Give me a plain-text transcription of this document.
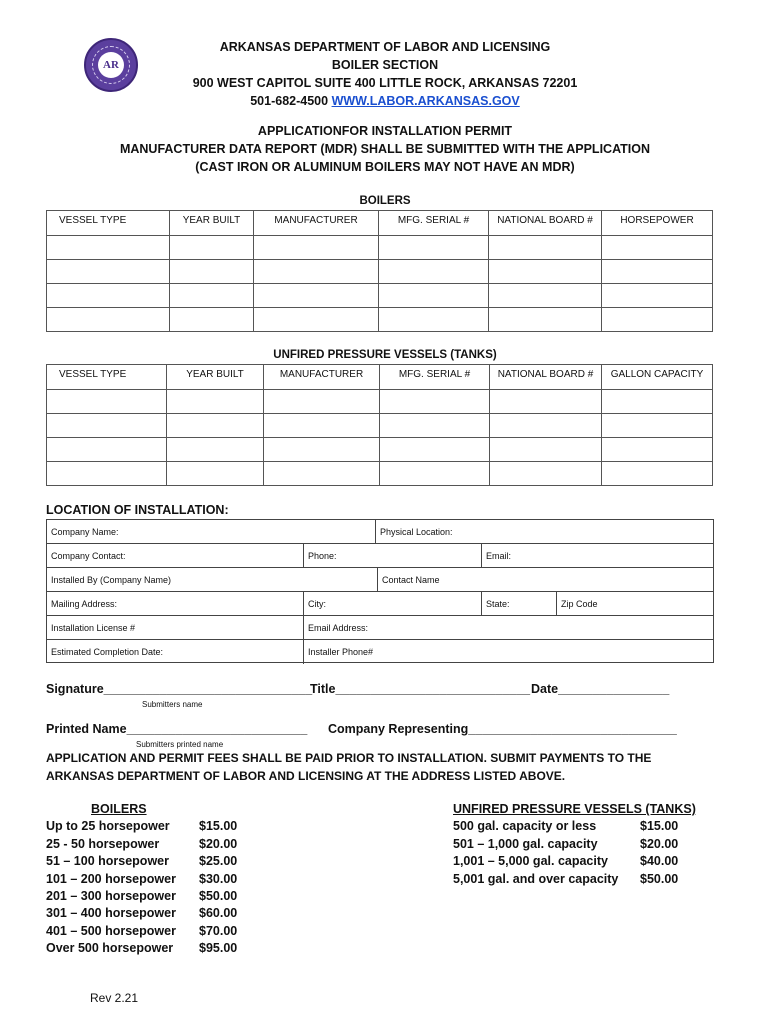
AR
ARKANSAS DEPARTMENT OF LABOR AND LICENSING
BOILER SECTION
900 WEST CAPITOL SUITE 400 LITTLE ROCK, ARKANSAS 72201
501-682-4500 WWW.LABOR.ARKANSAS.GOV
APPLICATIONFOR INSTALLATION PERMIT
MANUFACTURER DATA REPORT (MDR) SHALL BE SUBMITTED WITH THE APPLICATION
(CAST IRON OR ALUMINUM BOILERS MAY NOT HAVE AN MDR)
BOILERS
VESSEL TYPE	YEAR BUILT	MANUFACTURER	MFG. SERIAL #	NATIONAL BOARD #	HORSEPOWER

UNFIRED PRESSURE VESSELS (TANKS)
VESSEL TYPE	YEAR BUILT	MANUFACTURER	MFG. SERIAL #	NATIONAL BOARD #	GALLON CAPACITY

LOCATION OF INSTALLATION:
Company Name:	Physical Location:
Company Contact:	Phone:	Email:
Installed By (Company Name)	Contact Name
Mailing Address:	City:	State:	Zip Code
Installation License #	Email Address:
Estimated Completion Date:	Installer Phone#
Signature______________________________
Title____________________________ Date________________
Submitters name
Printed Name__________________________ Company Representing______________________________
Submitters printed name
APPLICATION AND PERMIT FEES SHALL BE PAID PRIOR TO INSTALLATION. SUBMIT PAYMENTS TO THE
ARKANSAS DEPARTMENT OF LABOR AND LICENSING AT THE ADDRESS LISTED ABOVE.
BOILERS
Up to 25 horsepower $15.00
25 - 50 horsepower	$20.00
51 – 100 horsepower $25.00
101 – 200 horsepower $30.00
201 – 300 horsepower $50.00
301 – 400 horsepower $60.00
401 – 500 horsepower $70.00
Over 500 horsepower $95.00
UNFIRED PRESSURE VESSELS (TANKS)
500 gal. capacity or less	$15.00
501 – 1,000 gal. capacity	$20.00
1,001 – 5,000 gal. capacity	$40.00
5,001 gal. and over capacity $50.00
Rev 2.21
